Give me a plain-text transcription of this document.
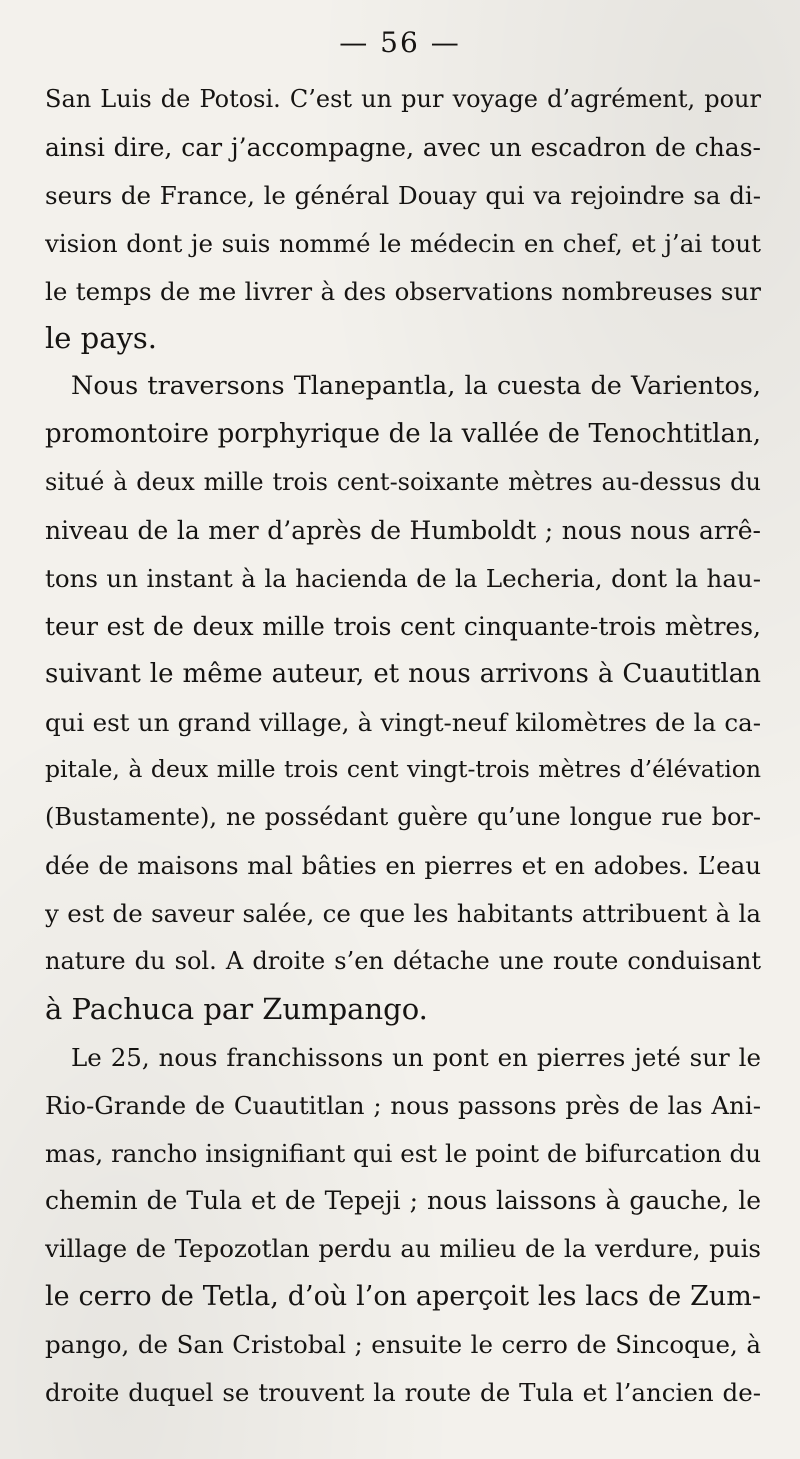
— 56 —
San Luis de Potosi. C’est un pur voyage d’agrément, pour
ainsi dire, car j’accompagne, avec un escadron de chas-
seurs de France, le général Douay qui va rejoindre sa di-
vision dont je suis nommé le médecin en chef, et j’ai tout
le temps de me livrer à des observations nombreuses sur
le pays.
Nous traversons Tlanepantla, la cuesta de Varientos,
promontoire porphyrique de la vallée de Tenochtitlan,
situé à deux mille trois cent-soixante mètres au-dessus du
niveau de la mer d’après de Humboldt ; nous nous arrê-
tons un instant à la hacienda de la Lecheria, dont la hau-
teur est de deux mille trois cent cinquante-trois mètres,
suivant le même auteur, et nous arrivons à Cuautitlan
qui est un grand village, à vingt-neuf kilomètres de la ca-
pitale, à deux mille trois cent vingt-trois mètres d’élévation
(Bustamente), ne possédant guère qu’une longue rue bor-
dée de maisons mal bâties en pierres et en adobes. L’eau
y est de saveur salée, ce que les habitants attribuent à la
nature du sol. A droite s’en détache une route conduisant
à Pachuca par Zumpango.
Le 25, nous franchissons un pont en pierres jeté sur le
Rio-Grande de Cuautitlan ; nous passons près de las Ani-
mas, rancho insignifiant qui est le point de bifurcation du
chemin de Tula et de Tepeji ; nous laissons à gauche, le
village de Tepozotlan perdu au milieu de la verdure, puis
le cerro de Tetla, d’où l’on aperçoit les lacs de Zum-
pango, de San Cristobal ; ensuite le cerro de Sincoque, à
droite duquel se trouvent la route de Tula et l’ancien de-
